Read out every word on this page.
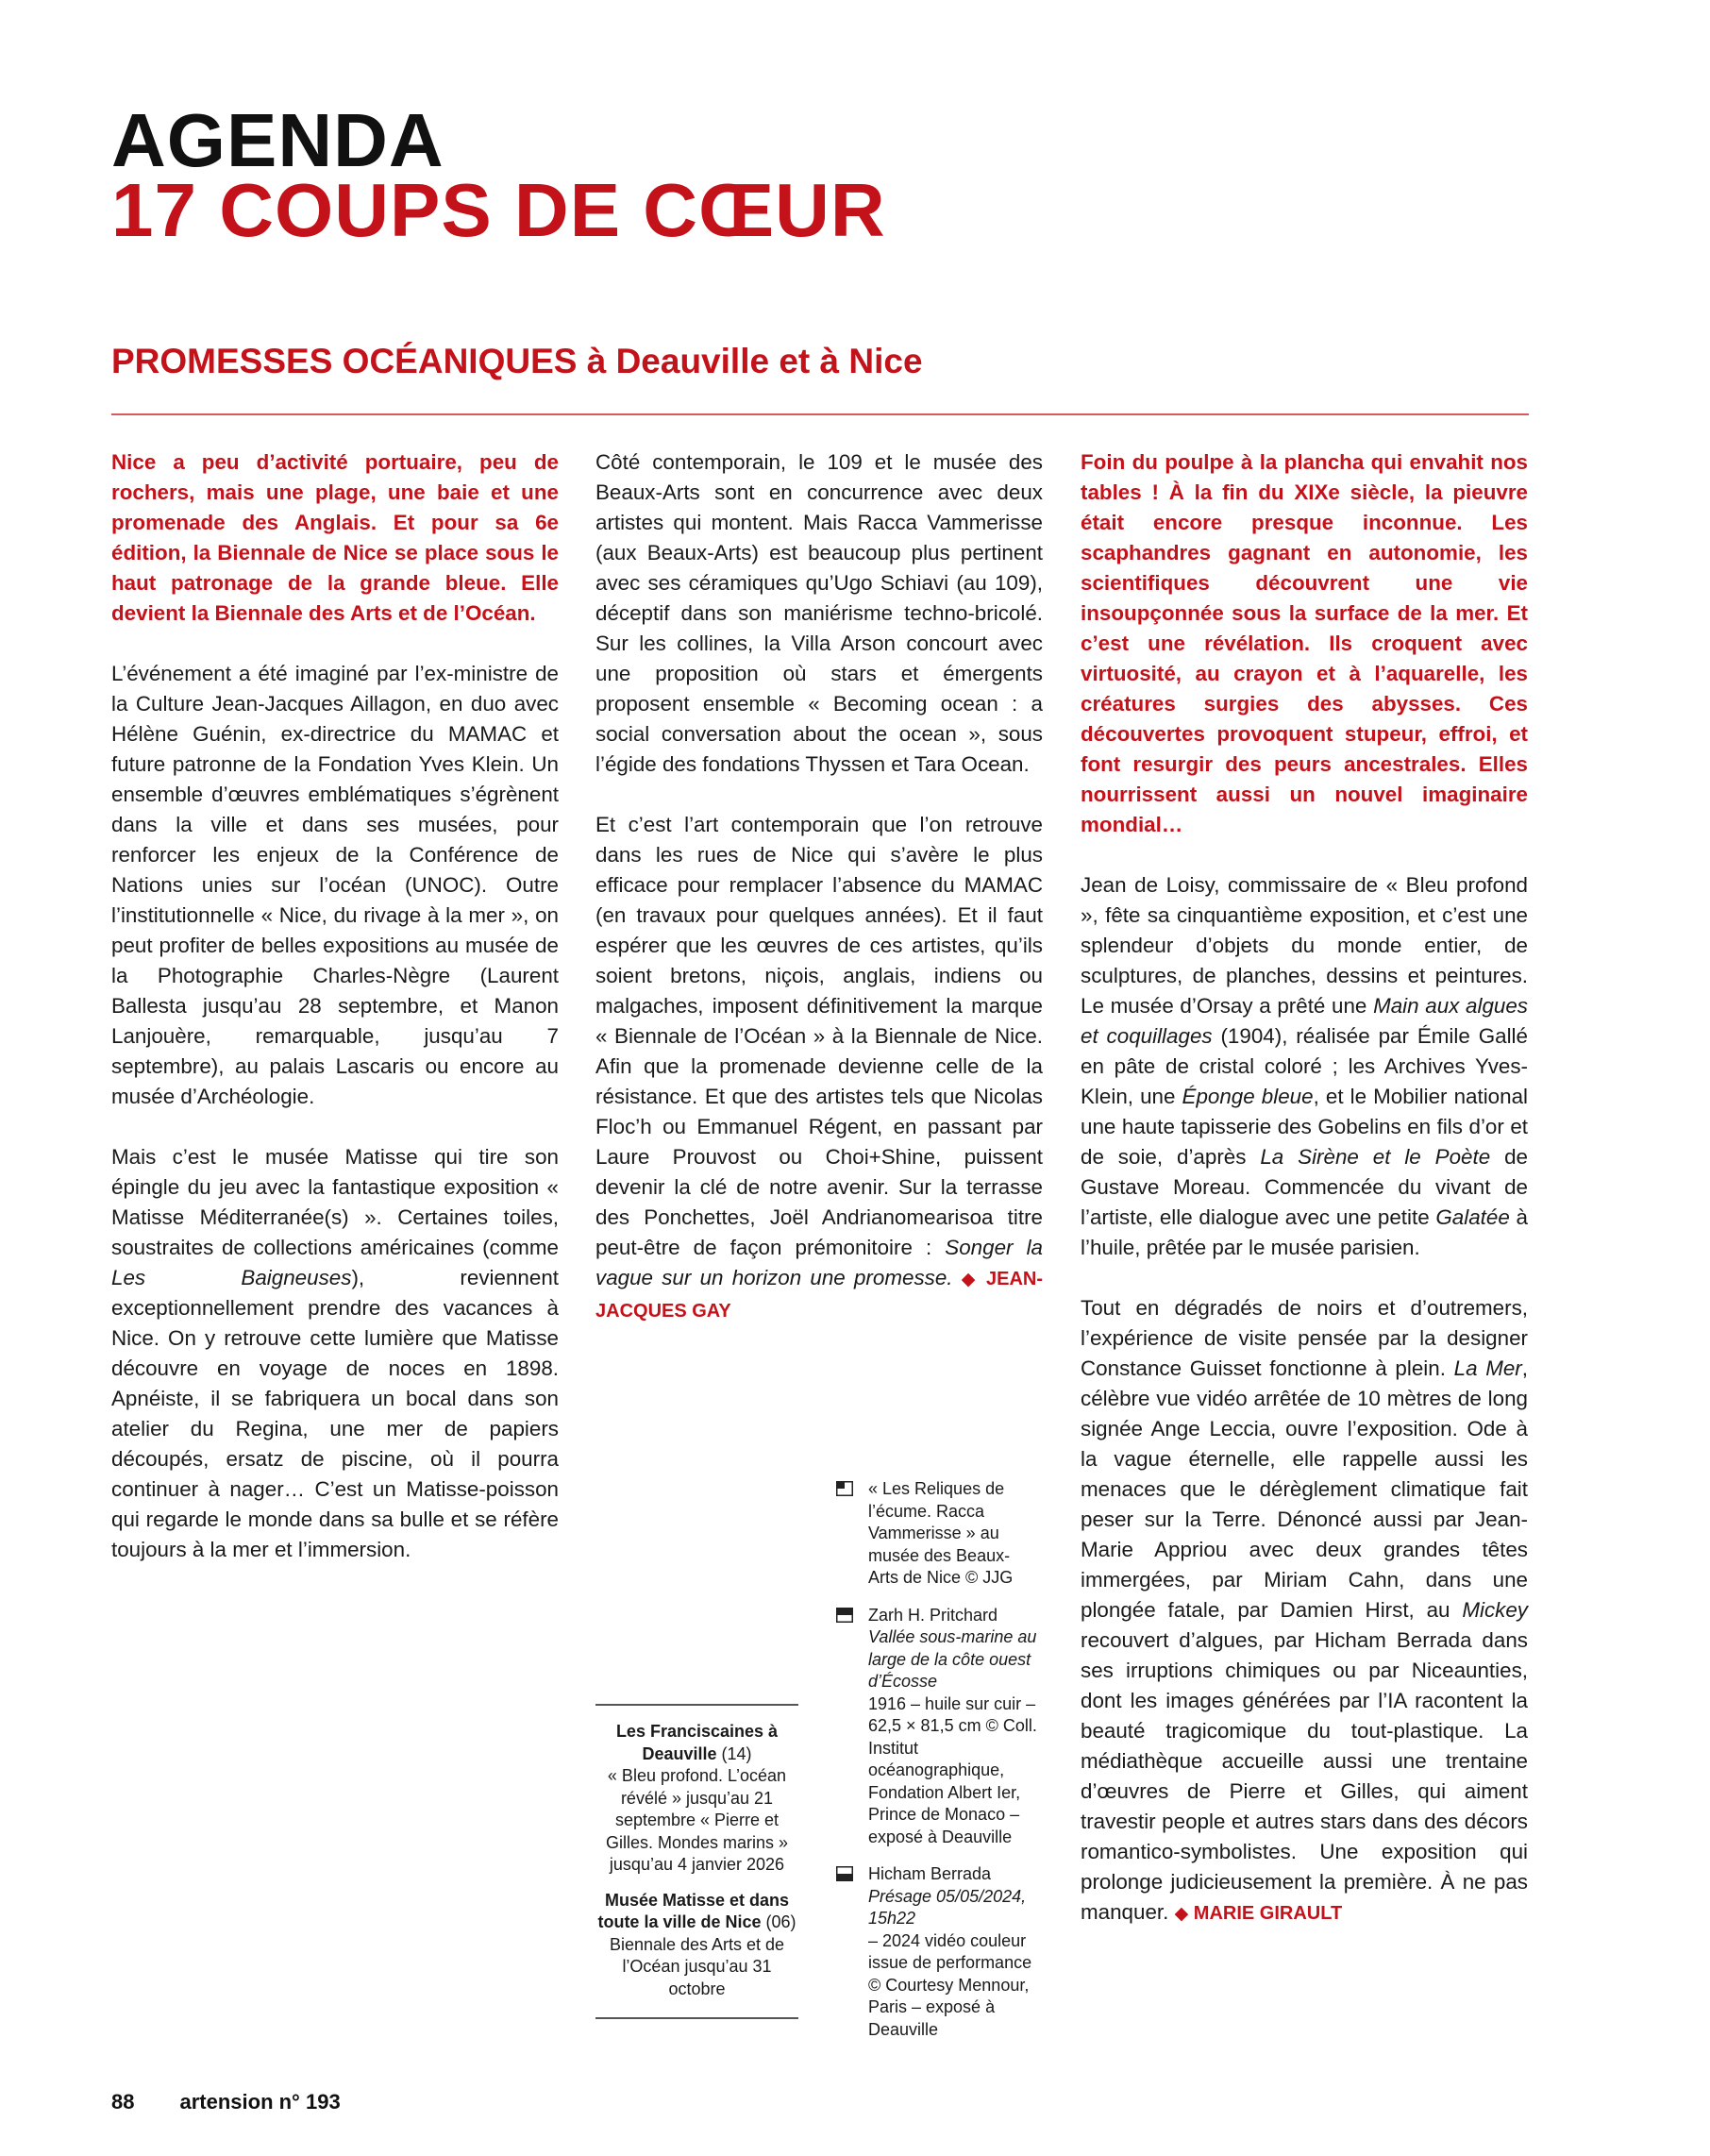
AGENDA
17 COUPS DE CŒUR
PROMESSES OCÉANIQUES à Deauville et à Nice

Nice a peu d’activité portuaire, peu de rochers, mais une plage, une baie et une promenade des Anglais. Et pour sa 6e édition, la Biennale de Nice se place sous le haut patronage de la grande bleue. Elle devient la Biennale des Arts et de l’Océan.

L’événement a été imaginé par l’ex-ministre de la Culture Jean-Jacques Aillagon, en duo avec Hélène Guénin, ex-directrice du MAMAC et future patronne de la Fondation Yves Klein. Un ensemble d’œuvres emblématiques s’égrènent dans la ville et dans ses musées, pour renforcer les enjeux de la Conférence de Nations unies sur l’océan (UNOC). Outre l’institutionnelle « Nice, du rivage à la mer », on peut profiter de belles expositions au musée de la Photographie Charles-Nègre (Laurent Ballesta jusqu’au 28 septembre, et Manon Lanjouère, remarquable, jusqu’au 7 septembre), au palais Lascaris ou encore au musée d’Archéologie.

Mais c’est le musée Matisse qui tire son épingle du jeu avec la fantastique exposition « Matisse Méditerranée(s) ». Certaines toiles, soustraites de collections américaines (comme Les Baigneuses), reviennent exceptionnellement prendre des vacances à Nice. On y retrouve cette lumière que Matisse découvre en voyage de noces en 1898. Apnéiste, il se fabriquera un bocal dans son atelier du Regina, une mer de papiers découpés, ersatz de piscine, où il pourra continuer à nager… C’est un Matisse-poisson qui regarde le monde dans sa bulle et se réfère toujours à la mer et l’immersion.

Côté contemporain, le 109 et le musée des Beaux-Arts sont en concurrence avec deux artistes qui montent. Mais Racca Vammerisse (aux Beaux-Arts) est beaucoup plus pertinent avec ses céramiques qu’Ugo Schiavi (au 109), déceptif dans son maniérisme techno-bricolé. Sur les collines, la Villa Arson concourt avec une proposition où stars et émergents proposent ensemble « Becoming ocean : a social conversation about the ocean », sous l’égide des fondations Thyssen et Tara Ocean.

Et c’est l’art contemporain que l’on retrouve dans les rues de Nice qui s’avère le plus efficace pour remplacer l’absence du MAMAC (en travaux pour quelques années). Et il faut espérer que les œuvres de ces artistes, qu’ils soient bretons, niçois, anglais, indiens ou malgaches, imposent définitivement la marque « Biennale de l’Océan » à la Biennale de Nice. Afin que la promenade devienne celle de la résistance. Et que des artistes tels que Nicolas Floc’h ou Emmanuel Régent, en passant par Laure Prouvost ou Choi+Shine, puissent devenir la clé de notre avenir. Sur la terrasse des Ponchettes, Joël Andrianomearisoa titre peut-être de façon prémonitoire : Songer la vague sur un horizon une promesse. ◆ JEAN-JACQUES GAY

Foin du poulpe à la plancha qui envahit nos tables ! À la fin du XIXe siècle, la pieuvre était encore presque inconnue. Les scaphandres gagnant en autonomie, les scientifiques découvrent une vie insoupçonnée sous la surface de la mer. Et c’est une révélation. Ils croquent avec virtuosité, au crayon et à l’aquarelle, les créatures surgies des abysses. Ces découvertes provoquent stupeur, effroi, et font resurgir des peurs ancestrales. Elles nourrissent aussi un nouvel imaginaire mondial…

Jean de Loisy, commissaire de « Bleu profond », fête sa cinquantième exposition, et c’est une splendeur d’objets du monde entier, de sculptures, de planches, dessins et peintures. Le musée d’Orsay a prêté une Main aux algues et coquillages (1904), réalisée par Émile Gallé en pâte de cristal coloré ; les Archives Yves-Klein, une Éponge bleue, et le Mobilier national une haute tapisserie des Gobelins en fils d’or et de soie, d’après La Sirène et le Poète de Gustave Moreau. Commencée du vivant de l’artiste, elle dialogue avec une petite Galatée à l’huile, prêtée par le musée parisien.

Tout en dégradés de noirs et d’outremers, l’expérience de visite pensée par la designer Constance Guisset fonctionne à plein. La Mer, célèbre vue vidéo arrêtée de 10 mètres de long signée Ange Leccia, ouvre l’exposition. Ode à la vague éternelle, elle rappelle aussi les menaces que le dérèglement climatique fait peser sur la Terre. Dénoncé aussi par Jean-Marie Appriou avec deux grandes têtes immergées, par Miriam Cahn, dans une plongée fatale, par Damien Hirst, au Mickey recouvert d’algues, par Hicham Berrada dans ses irruptions chimiques ou par Niceaunties, dont les images générées par l’IA racontent la beauté tragicomique du tout-plastique. La médiathèque accueille aussi une trentaine d’œuvres de Pierre et Gilles, qui aiment travestir people et autres stars dans des décors romantico-symbolistes. Une exposition qui prolonge judicieusement la première. À ne pas manquer. ◆ MARIE GIRAULT

« Les Reliques de l’écume. Racca Vammerisse » au musée des Beaux-Arts de Nice © JJG
Zarh H. Pritchard
Vallée sous-marine au large de la côte ouest d’Écosse
1916 – huile sur cuir – 62,5 × 81,5 cm © Coll. Institut océanographique, Fondation Albert Ier, Prince de Monaco – exposé à Deauville
Hicham Berrada
Présage 05/05/2024, 15h22
– 2024 vidéo couleur issue de performance © Courtesy Mennour, Paris – exposé à Deauville
Les Franciscaines à Deauville (14)
« Bleu profond. L’océan révélé » jusqu’au 21 septembre « Pierre et Gilles. Mondes marins » jusqu’au 4 janvier 2026
Musée Matisse et dans toute la ville de Nice (06)
Biennale des Arts et de l’Océan jusqu’au 31 octobre
88 artension n° 193
